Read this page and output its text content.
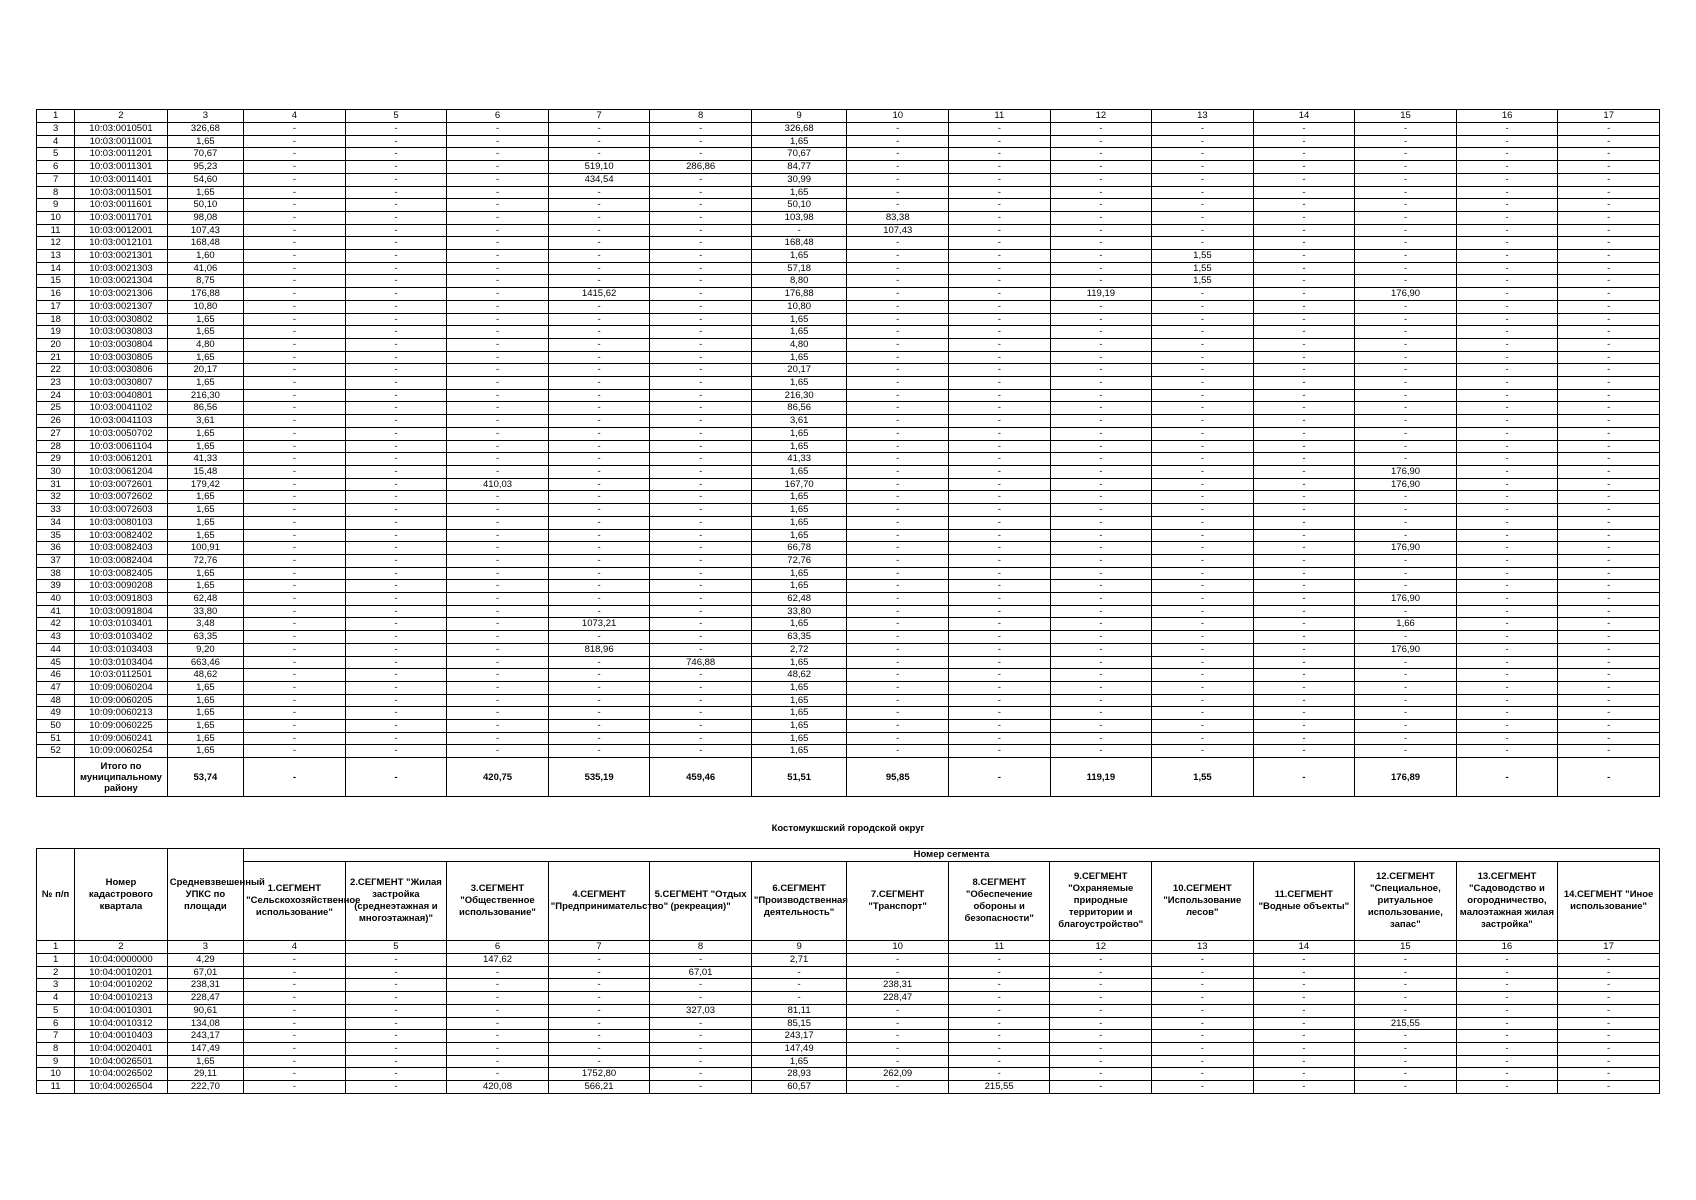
1	2	3	4	5	6	7	8	9	10	11	12	13	14	15	16	17
3	10:03:0010501	326,68	-	-	-	-	-	326,68	-	-	-	-	-	-	-	-
4	10:03:0011001	1,65	-	-	-	-	-	1,65	-	-	-	-	-	-	-	-
5	10:03:0011201	70,67	-	-	-	-	-	70,67	-	-	-	-	-	-	-	-
6	10:03:0011301	95,23	-	-	-	519,10	286,86	84,77	-	-	-	-	-	-	-	-
7	10:03:0011401	54,60	-	-	-	434,54	-	30,99	-	-	-	-	-	-	-	-
8	10:03:0011501	1,65	-	-	-	-	-	1,65	-	-	-	-	-	-	-	-
9	10:03:0011601	50,10	-	-	-	-	-	50,10	-	-	-	-	-	-	-	-
10	10:03:0011701	98,08	-	-	-	-	-	103,98	83,38	-	-	-	-	-	-	-
11	10:03:0012001	107,43	-	-	-	-	-	-	107,43	-	-	-	-	-	-	-
12	10:03:0012101	168,48	-	-	-	-	-	168,48	-	-	-	-	-	-	-	-
13	10:03:0021301	1,60	-	-	-	-	-	1,65	-	-	-	1,55	-	-	-	-
14	10:03:0021303	41,06	-	-	-	-	-	57,18	-	-	-	1,55	-	-	-	-
15	10:03:0021304	8,75	-	-	-	-	-	8,80	-	-	-	1,55	-	-	-	-
16	10:03:0021306	176,88	-	-	-	1415,62	-	176,88	-	-	119,19	-	-	176,90	-	-
17	10:03:0021307	10,80	-	-	-	-	-	10,80	-	-	-	-	-	-	-	-
18	10:03:0030802	1,65	-	-	-	-	-	1,65	-	-	-	-	-	-	-	-
19	10:03:0030803	1,65	-	-	-	-	-	1,65	-	-	-	-	-	-	-	-
20	10:03:0030804	4,80	-	-	-	-	-	4,80	-	-	-	-	-	-	-	-
21	10:03:0030805	1,65	-	-	-	-	-	1,65	-	-	-	-	-	-	-	-
22	10:03:0030806	20,17	-	-	-	-	-	20,17	-	-	-	-	-	-	-	-
23	10:03:0030807	1,65	-	-	-	-	-	1,65	-	-	-	-	-	-	-	-
24	10:03:0040801	216,30	-	-	-	-	-	216,30	-	-	-	-	-	-	-	-
25	10:03:0041102	86,56	-	-	-	-	-	86,56	-	-	-	-	-	-	-	-
26	10:03:0041103	3,61	-	-	-	-	-	3,61	-	-	-	-	-	-	-	-
27	10:03:0050702	1,65	-	-	-	-	-	1,65	-	-	-	-	-	-	-	-
28	10:03:0061104	1,65	-	-	-	-	-	1,65	-	-	-	-	-	-	-	-
29	10:03:0061201	41,33	-	-	-	-	-	41,33	-	-	-	-	-	-	-	-
30	10:03:0061204	15,48	-	-	-	-	-	1,65	-	-	-	-	-	176,90	-	-
31	10:03:0072601	179,42	-	-	410,03	-	-	167,70	-	-	-	-	-	176,90	-	-
32	10:03:0072602	1,65	-	-	-	-	-	1,65	-	-	-	-	-	-	-	-
33	10:03:0072603	1,65	-	-	-	-	-	1,65	-	-	-	-	-	-	-	-
34	10:03:0080103	1,65	-	-	-	-	-	1,65	-	-	-	-	-	-	-	-
35	10:03:0082402	1,65	-	-	-	-	-	1,65	-	-	-	-	-	-	-	-
36	10:03:0082403	100,91	-	-	-	-	-	66,78	-	-	-	-	-	176,90	-	-
37	10:03:0082404	72,76	-	-	-	-	-	72,76	-	-	-	-	-	-	-	-
38	10:03:0082405	1,65	-	-	-	-	-	1,65	-	-	-	-	-	-	-	-
39	10:03:0090208	1,65	-	-	-	-	-	1,65	-	-	-	-	-	-	-	-
40	10:03:0091803	62,48	-	-	-	-	-	62,48	-	-	-	-	-	176,90	-	-
41	10:03:0091804	33,80	-	-	-	-	-	33,80	-	-	-	-	-	-	-	-
42	10:03:0103401	3,48	-	-	-	1073,21	-	1,65	-	-	-	-	-	1,66	-	-
43	10:03:0103402	63,35	-	-	-	-	-	63,35	-	-	-	-	-	-	-	-
44	10:03:0103403	9,20	-	-	-	818,96	-	2,72	-	-	-	-	-	176,90	-	-
45	10:03:0103404	663,46	-	-	-	-	746,88	1,65	-	-	-	-	-	-	-	-
46	10:03:0112501	48,62	-	-	-	-	-	48,62	-	-	-	-	-	-	-	-
47	10:09:0060204	1,65	-	-	-	-	-	1,65	-	-	-	-	-	-	-	-
48	10:09:0060205	1,65	-	-	-	-	-	1,65	-	-	-	-	-	-	-	-
49	10:09:0060213	1,65	-	-	-	-	-	1,65	-	-	-	-	-	-	-	-
50	10:09:0060225	1,65	-	-	-	-	-	1,65	-	-	-	-	-	-	-	-
51	10:09:0060241	1,65	-	-	-	-	-	1,65	-	-	-	-	-	-	-	-
52	10:09:0060254	1,65	-	-	-	-	-	1,65	-	-	-	-	-	-	-	-
	Итого по муниципальному району	53,74	-	-	420,75	535,19	459,46	51,51	95,85	-	119,19	1,55	-	176,89	-	-
Костомукшский городской округ
№ п/п	Номер кадастрового квартала	Средневзвешенный УПКС по площади	Номер сегмента													
			1.СЕГМЕНТ "Сельскохозяйственное использование"	2.СЕГМЕНТ "Жилая застройка (среднеэтажная и многоэтажная)"	3.СЕГМЕНТ "Общественное использование"	4.СЕГМЕНТ "Предпринимательство"	5.СЕГМЕНТ "Отдых (рекреация)"	6.СЕГМЕНТ "Производственная деятельность"	7.СЕГМЕНТ "Транспорт"	8.СЕГМЕНТ "Обеспечение обороны и безопасности"	9.СЕГМЕНТ "Охраняемые природные территории и благоустройство"	10.СЕГМЕНТ "Использование лесов"	11.СЕГМЕНТ "Водные объекты"	12.СЕГМЕНТ "Специальное, ритуальное использование, запас"	13.СЕГМЕНТ "Садоводство и огородничество, малоэтажная жилая застройка"	14.СЕГМЕНТ "Иное использование"
1	2	3	4	5	6	7	8	9	10	11	12	13	14	15	16	17
1	10:04:0000000	4,29	-	-	147,62	-	-	2,71	-	-	-	-	-	-	-	-
2	10:04:0010201	67,01	-	-	-	-	67,01	-	-	-	-	-	-	-	-	-
3	10:04:0010202	238,31	-	-	-	-	-	-	238,31	-	-	-	-	-	-	-
4	10:04:0010213	228,47	-	-	-	-	-	-	228,47	-	-	-	-	-	-	-
5	10:04:0010301	90,61	-	-	-	-	327,03	81,11	-	-	-	-	-	-	-	-
6	10:04:0010312	134,08	-	-	-	-	-	85,15	-	-	-	-	-	215,55	-	-
7	10:04:0010403	243,17	-	-	-	-	-	243,17	-	-	-	-	-	-	-	-
8	10:04:0020401	147,49	-	-	-	-	-	147,49	-	-	-	-	-	-	-	-
9	10:04:0026501	1,65	-	-	-	-	-	1,65	-	-	-	-	-	-	-	-
10	10:04:0026502	29,11	-	-	-	1752,80	-	28,93	262,09	-	-	-	-	-	-	-
11	10:04:0026504	222,70	-	-	420,08	566,21	-	60,57	-	215,55	-	-	-	-	-	-
